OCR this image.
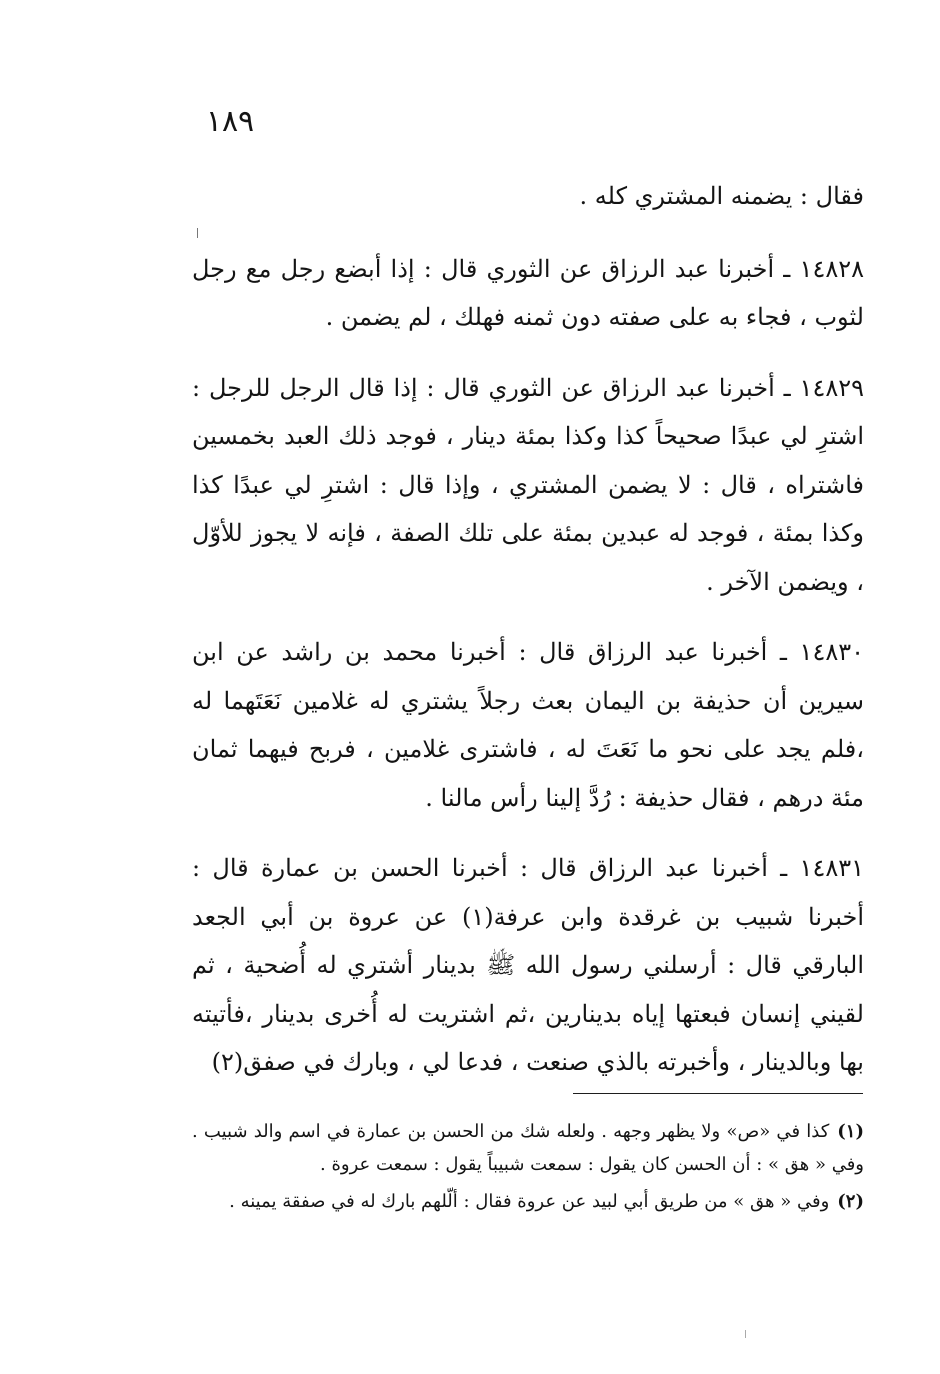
١٨٩

فقال : يضمنه المشتري كله .

١٤٨٢٨ ـ أخبرنا عبد الرزاق عن الثوري قال : إذا أبضع رجل مع رجل لثوب ، فجاء به على صفته دون ثمنه فهلك ، لم يضمن .

١٤٨٢٩ ـ أخبرنا عبد الرزاق عن الثوري قال : إذا قال الرجل للرجل : اشترِ لي عبدًا صحيحاً كذا وكذا بمئة دينار ، فوجد ذلك العبد بخمسين فاشتراه ، قال : لا يضمن المشتري ، وإذا قال : اشترِ لي عبدًا كذا وكذا بمئة ، فوجد له عبدين بمئة على تلك الصفة ، فإنه لا يجوز للأوّل ، ويضمن الآخر .

١٤٨٣٠ ـ أخبرنا عبد الرزاق قال : أخبرنا محمد بن راشد عن ابن سيرين أن حذيفة بن اليمان بعث رجلاً يشتري له غلامين نَعَتَهما له ،فلم يجد على نحو ما نَعَتَ له ، فاشترى غلامين ، فربح فيهما ثمان مئة درهم ، فقال حذيفة : رُدَّ إلينا رأس مالنا .

١٤٨٣١ ـ أخبرنا عبد الرزاق قال : أخبرنا الحسن بن عمارة قال : أخبرنا شبيب بن غرقدة وابن عرفة(١) عن عروة بن أبي الجعد البارقي قال : أرسلني رسول الله ﷺ بدينار أشتري له أُضحية ، ثم لقيني إنسان فبعتها إياه بدينارين ،ثم اشتريت له أُخرى بدينار ،فأتيته بها وبالدينار ، وأخبرته بالذي صنعت ، فدعا لي ، وبارك في صفق(٢)

(١)كذا في «ص» ولا يظهر وجهه . ولعله شك من الحسن بن عمارة في اسم والد شبيب . وفي « هق » : أن الحسن كان يقول : سمعت شبيباً يقول : سمعت عروة .

(٢)وفي « هق » من طريق أبي لبيد عن عروة فقال : ألّلهم بارك له في صفقة يمينه .
